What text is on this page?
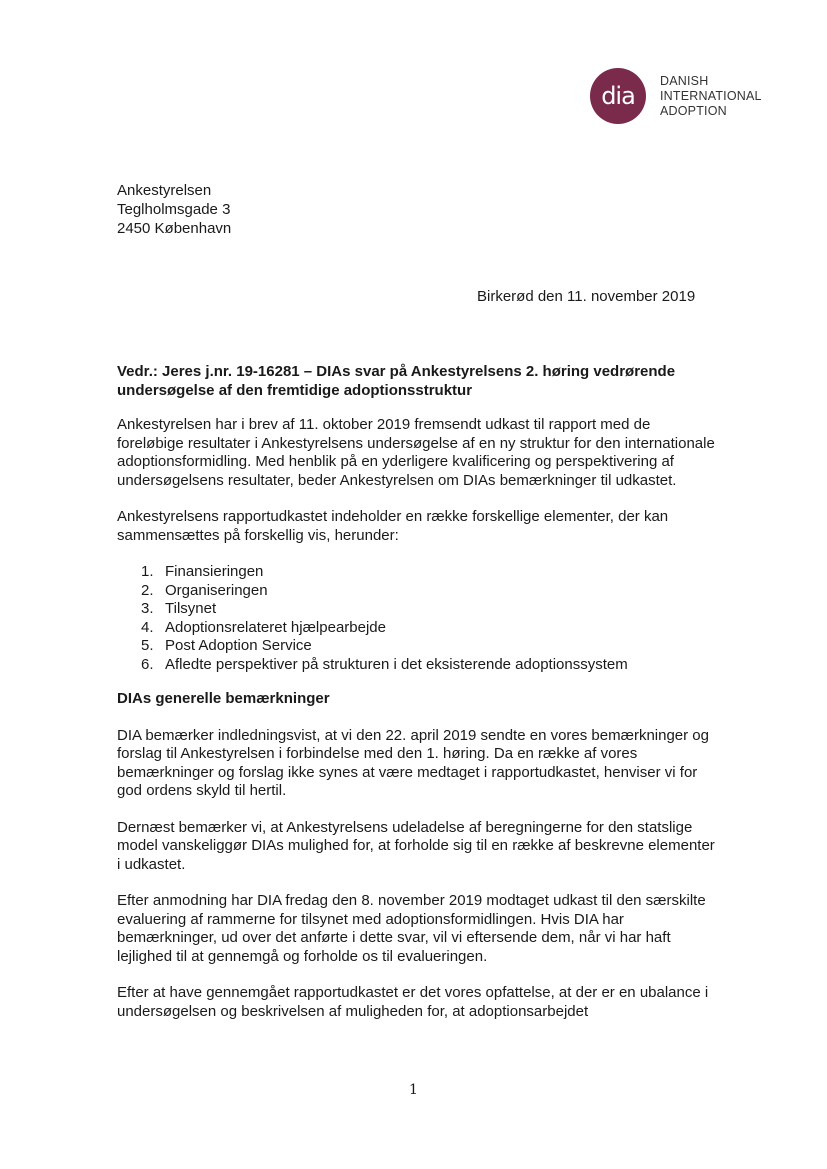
dia
DANISH
INTERNATIONAL
ADOPTION
Ankestyrelsen
Teglholmsgade 3
2450 København
Birkerød den 11. november 2019

Vedr.: Jeres j.nr. 19-16281 – DIAs svar på Ankestyrelsens 2. høring vedrørende undersøgelse af den fremtidige adoptionsstruktur

Ankestyrelsen har i brev af 11. oktober 2019 fremsendt udkast til rapport med de foreløbige resultater i Ankestyrelsens undersøgelse af en ny struktur for den internationale adoptionsformidling. Med henblik på en yderligere kvalificering og perspektivering af undersøgelsens resultater, beder Ankestyrelsen om DIAs bemærkninger til udkastet.

Ankestyrelsens rapportudkastet indeholder en række forskellige elementer, der kan sammensættes på forskellig vis, herunder:

1. Finansieringen
2. Organiseringen
3. Tilsynet
4. Adoptionsrelateret hjælpearbejde
5. Post Adoption Service
6. Afledte perspektiver på strukturen i det eksisterende adoptionssystem

DIAs generelle bemærkninger

DIA bemærker indledningsvist, at vi den 22. april 2019 sendte en vores bemærkninger og forslag til Ankestyrelsen i forbindelse med den 1. høring. Da en række af vores bemærkninger og forslag ikke synes at være medtaget i rapportudkastet, henviser vi for god ordens skyld til hertil.

Dernæst bemærker vi, at Ankestyrelsens udeladelse af beregningerne for den statslige model vanskeliggør DIAs mulighed for, at forholde sig til en række af beskrevne elementer i udkastet.

Efter anmodning har DIA fredag den 8. november 2019 modtaget udkast til den særskilte evaluering af rammerne for tilsynet med adoptionsformidlingen. Hvis DIA har bemærkninger, ud over det anførte i dette svar, vil vi eftersende dem, når vi har haft lejlighed til at gennemgå og forholde os til evalueringen.

Efter at have gennemgået rapportudkastet er det vores opfattelse, at der er en ubalance i undersøgelsen og beskrivelsen af muligheden for, at adoptionsarbejdet

1
